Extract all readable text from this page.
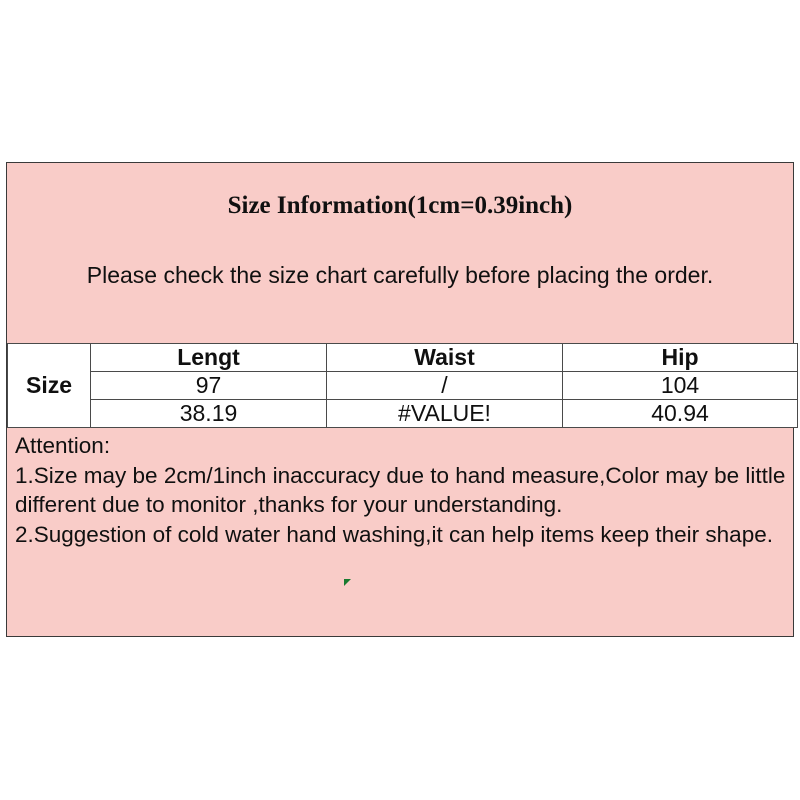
Size Information(1cm=0.39inch)
Please check the size chart carefully before placing the order.
Size	Lengt	Waist	Hip
	97	/	104
	38.19	#VALUE!	40.94

Attention:

1.Size may be 2cm/1inch inaccuracy due to hand measure,Color may be little different due to monitor ,thanks for your understanding.

2.Suggestion of cold water hand washing,it can help items keep their shape.
